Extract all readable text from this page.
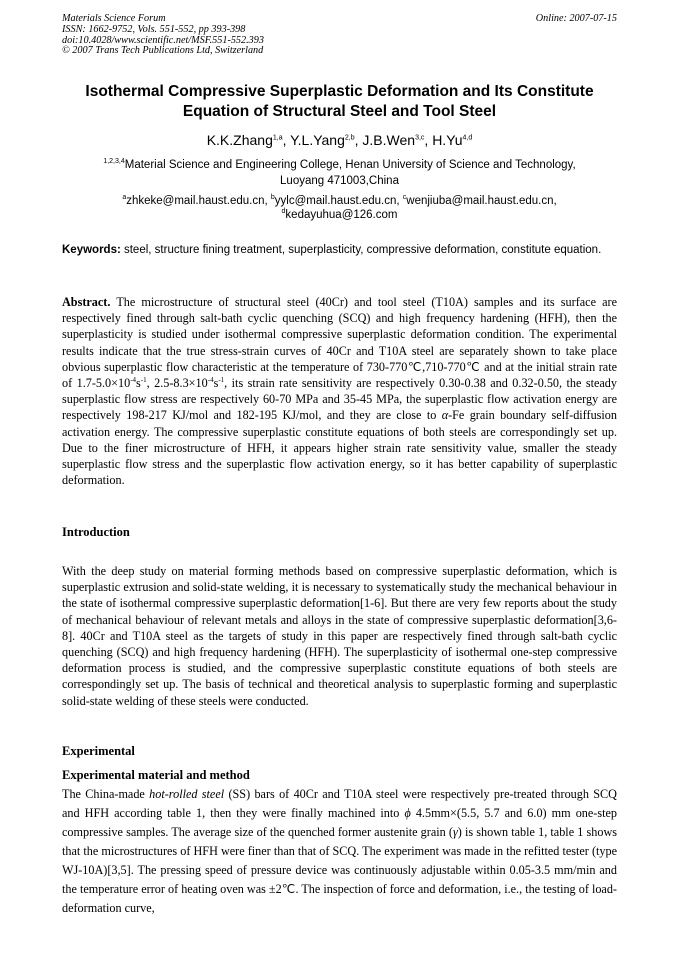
Materials Science Forum
ISSN: 1662-9752, Vols. 551-552, pp 393-398
doi:10.4028/www.scientific.net/MSF.551-552.393
© 2007 Trans Tech Publications Ltd, Switzerland
Online: 2007-07-15
Isothermal Compressive Superplastic Deformation and Its Constitute
Equation of Structural Steel and Tool Steel
K.K.Zhang$^{1,a}$, Y.L.Yang$^{2,b}$, J.B.Wen$^{3,c}$, H.Yu$^{4,d}$
$^{1,2,3,4}$Material Science and Engineering College, Henan University of Science and Technology,
Luoyang 471003,China
$^a$zhkeke@mail.haust.edu.cn, $^b$yylc@mail.haust.edu.cn, $^c$wenjiuba@mail.haust.edu.cn,
$^d$kedayuhua@126.com
Keywords: steel, structure fining treatment, superplasticity, compressive deformation, constitute equation.
Abstract. The microstructure of structural steel (40Cr) and tool steel (T10A) samples and its surface are respectively fined through salt-bath cyclic quenching (SCQ) and high frequency hardening (HFH), then the superplasticity is studied under isothermal compressive superplastic deformation condition. The experimental results indicate that the true stress-strain curves of 40Cr and T10A steel are separately shown to take place obvious superplastic flow characteristic at the temperature of 730-770℃,710-770℃ and at the initial strain rate of $1.7-5.0\times 10^{-4}s^{-1}$, $2.5-8.3\times 10^{-4}s^{-1}$, its strain rate sensitivity are respectively 0.30-0.38 and 0.32-0.50, the steady superplastic flow stress are respectively 60-70 MPa and 35-45 MPa, the superplastic flow activation energy are respectively 198-217 KJ/mol and 182-195 KJ/mol, and they are close to α-Fe grain boundary self-diffusion activation energy. The compressive superplastic constitute equations of both steels are correspondingly set up. Due to the finer microstructure of HFH, it appears higher strain rate sensitivity value, smaller the steady superplastic flow stress and the superplastic flow activation energy, so it has better capability of superplastic deformation.
Introduction
With the deep study on material forming methods based on compressive superplastic deformation, which is superplastic extrusion and solid-state welding, it is necessary to systematically study the mechanical behaviour in the state of isothermal compressive superplastic deformation[1-6]. But there are very few reports about the study of mechanical behaviour of relevant metals and alloys in the state of compressive superplastic deformation[3,6-8]. 40Cr and T10A steel as the targets of study in this paper are respectively fined through salt-bath cyclic quenching (SCQ) and high frequency hardening (HFH). The superplasticity of isothermal one-step compressive deformation process is studied, and the compressive superplastic constitute equations of both steels are correspondingly set up. The basis of technical and theoretical analysis to superplastic forming and superplastic solid-state welding of these steels were conducted.
Experimental
Experimental material and method
The China-made hot-rolled steel (SS) bars of 40Cr and T10A steel were respectively pre-treated through SCQ and HFH according table 1, then they were finally machined into ϕ 4.5mm×(5.5, 5.7 and 6.0) mm one-step compressive samples. The average size of the quenched former austenite grain (γ) is shown table 1, table 1 shows that the microstructures of HFH were finer than that of SCQ. The experiment was made in the refitted tester (type WJ-10A)[3,5]. The pressing speed of pressure device was continuously adjustable within 0.05-3.5 mm/min and the temperature error of heating oven was ±2℃. The inspection of force and deformation, i.e., the testing of load-deformation curve,
